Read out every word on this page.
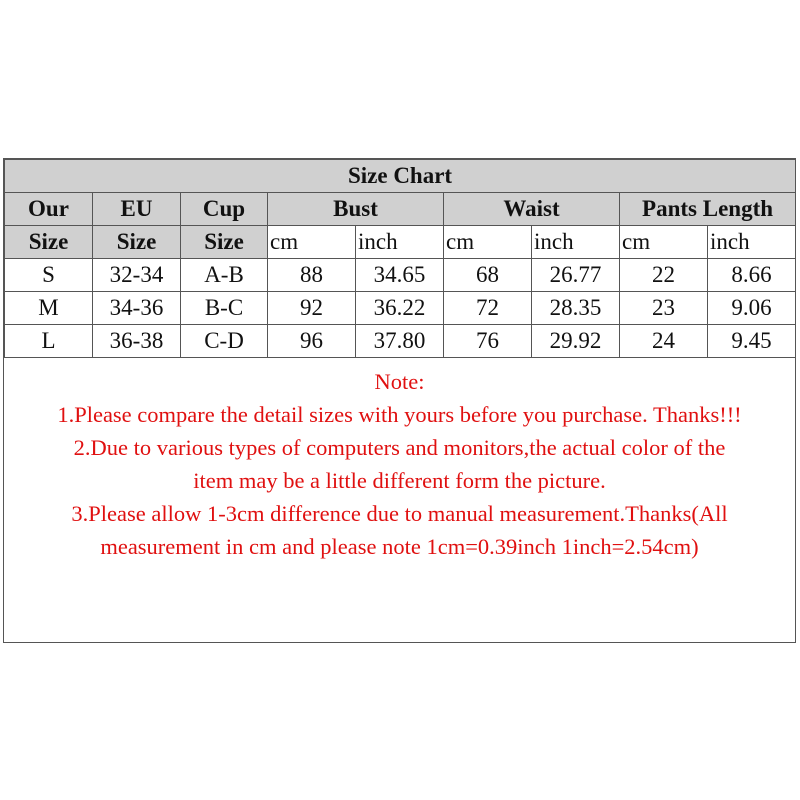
Size Chart								
Our	EU	Cup	Bust		Waist		Pants Length	
Size	Size	Size	cm	inch	cm	inch	cm	inch
S	32-34	A-B	88	34.65	68	26.77	22	8.66
M	34-36	B-C	92	36.22	72	28.35	23	9.06
L	36-38	C-D	96	37.80	76	29.92	24	9.45
Note:
1.Please compare the detail sizes with yours before you purchase. Thanks!!!
2.Due to various types of computers and monitors,the actual color of the
item may be a little different form the picture.
3.Please allow 1-3cm difference due to manual measurement.Thanks(All
measurement in cm and please note 1cm=0.39inch 1inch=2.54cm)
